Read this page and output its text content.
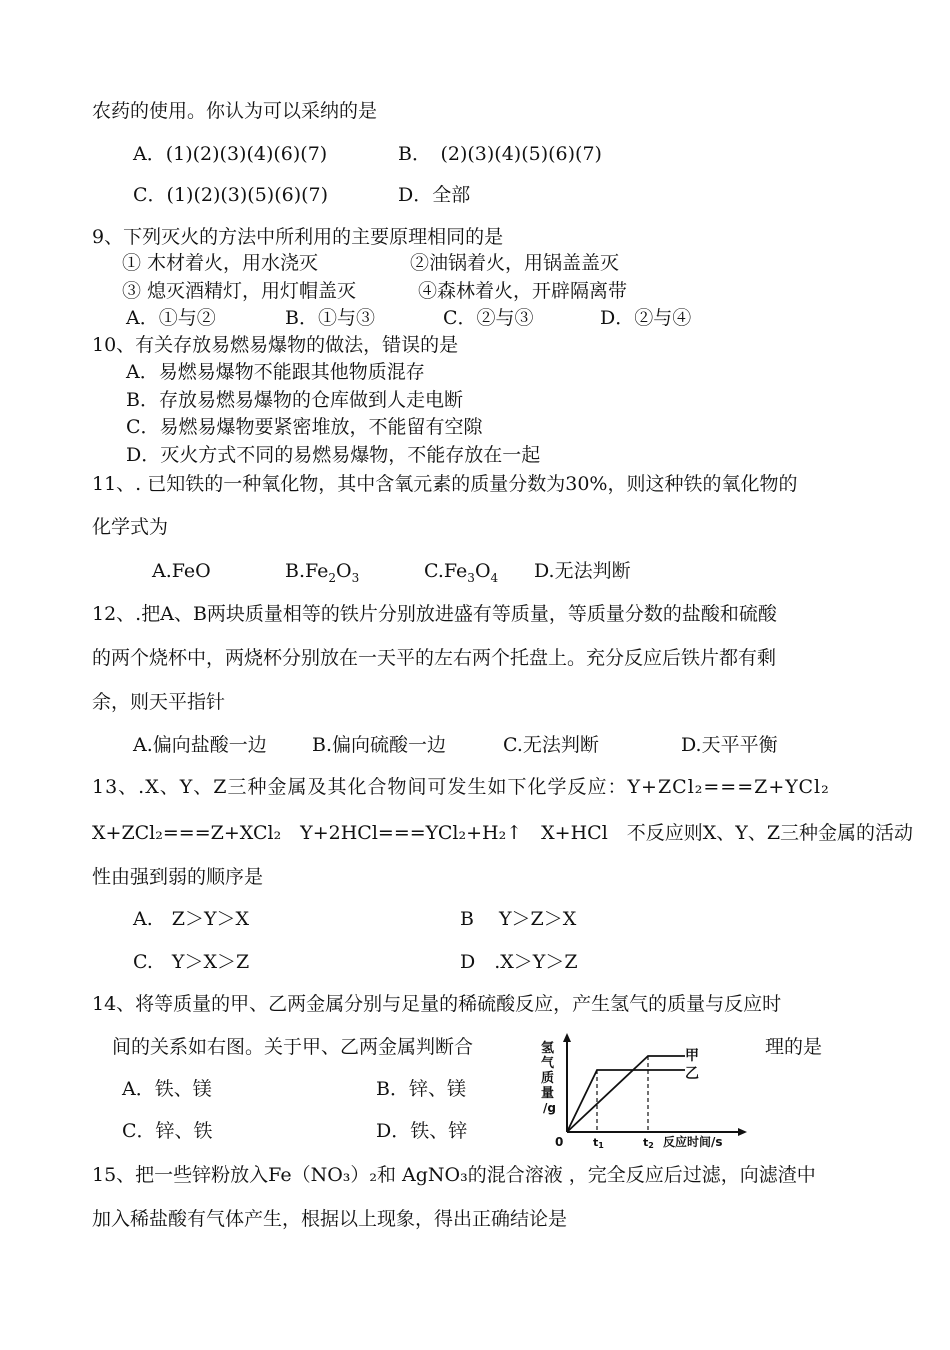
农药的使用。你认为可以采纳的是
A．(1)(2)(3)(4)(6)(7)	B．　(2)(3)(4)(5)(6)(7)
C．(1)(2)(3)(5)(6)(7)	D．全部
9、下列灭火的方法中所利用的主要原理相同的是
① 木材着火，用水浇灭	②油锅着火，用锅盖盖灭
③ 熄灭酒精灯，用灯帽盖灭	④森林着火，开辟隔离带
A．①与②	B．①与③	C．②与③	D．②与④
10、有关存放易燃易爆物的做法，错误的是
A．易燃易爆物不能跟其他物质混存
B．存放易燃易爆物的仓库做到人走电断
C．易燃易爆物要紧密堆放，不能留有空隙
D．灭火方式不同的易燃易爆物，不能存放在一起
11、. 已知铁的一种氧化物，其中含氧元素的质量分数为30%，则这种铁的氧化物的
化学式为
A.FeO	$B.Fe_2O_3$	$C.Fe_3O_4$ D.无法判断
12、.把A、B两块质量相等的铁片分别放进盛有等质量，等质量分数的盐酸和硫酸
的两个烧杯中，两烧杯分别放在一天平的左右两个托盘上。充分反应后铁片都有剩
余，则天平指针
A.偏向盐酸一边 B.偏向硫酸一边	C.无法判断	D.天平平衡
13、.X、Y、Z三种金属及其化合物间可发生如下化学反应：Y+ZCl₂===Z+YCl₂
X+ZCl₂===Z+XCl₂　Y+2HCl===YCl₂+H₂↑　X+HCl　不反应则X、Y、Z三种金属的活动
性由强到弱的顺序是
A.　Z＞Y＞X	B　 Y＞Z＞X
C.　Y＞X＞Z	D　.X＞Y＞Z
14、将等质量的甲、乙两金属分别与足量的稀硫酸反应，产生氢气的质量与反应时
间的关系如右图。关于甲、乙两金属判断合	理的是
A．铁、镁	B．锌、镁
C．锌、铁	D．铁、锌
氢
气
质
量
/g
甲
乙
0	t1	t2 反应时间/s
15、把一些锌粉放入Fe（NO₃）₂和 AgNO₃的混合溶液 ，完全反应后过滤，向滤渣中
加入稀盐酸有气体产生，根据以上现象，得出正确结论是
